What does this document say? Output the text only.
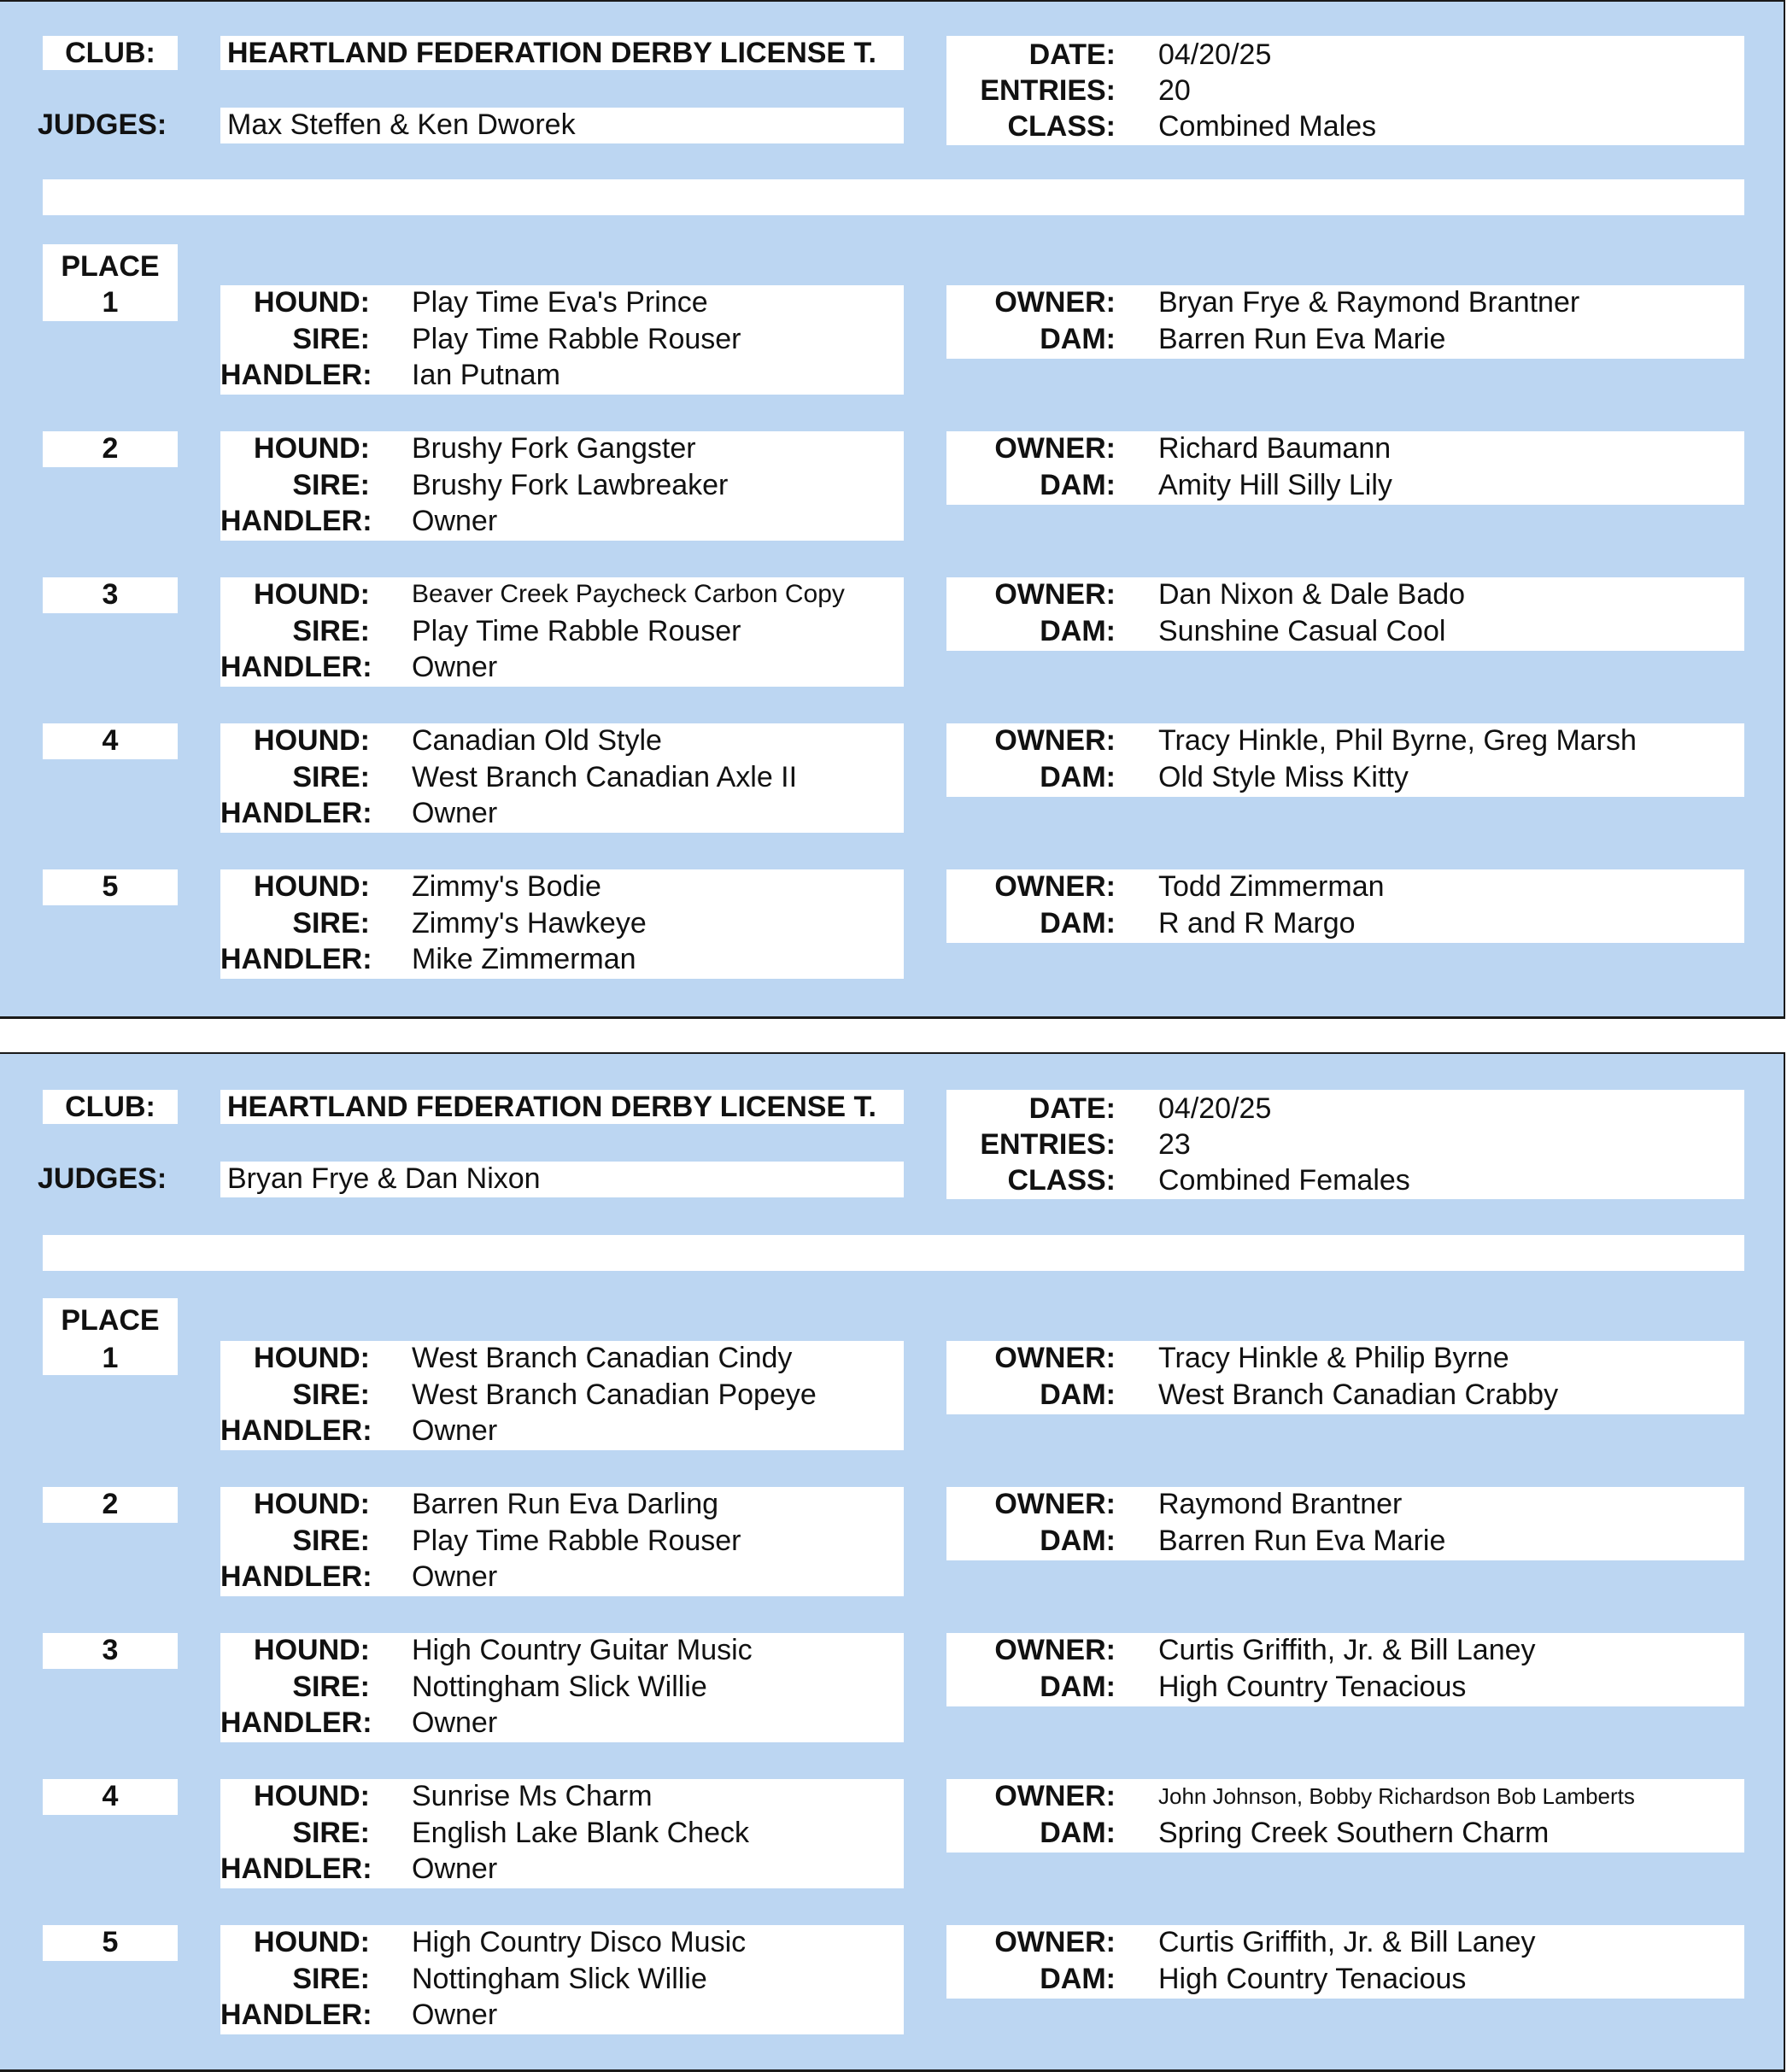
CLUB:	HEARTLAND FEDERATION DERBY LICENSE T.
JUDGES: Max Steffen & Ken Dworek
DATE: 04/20/25
ENTRIES: 20
CLASS: Combined Males
PLACE
1	HOUND: Play Time Eva's Prince
SIRE: Play Time Rabble Rouser
HANDLER: Ian Putnam
OWNER: Bryan Frye & Raymond Brantner
DAM: Barren Run Eva Marie
2	HOUND: Brushy Fork Gangster
SIRE: Brushy Fork Lawbreaker
HANDLER: Owner
OWNER: Richard Baumann
DAM: Amity Hill Silly Lily
3	HOUND: Beaver Creek Paycheck Carbon Copy
SIRE: Play Time Rabble Rouser
HANDLER: Owner
OWNER: Dan Nixon & Dale Bado
DAM: Sunshine Casual Cool
4	HOUND: Canadian Old Style
SIRE: West Branch Canadian Axle II
HANDLER: Owner
OWNER: Tracy Hinkle, Phil Byrne, Greg Marsh
DAM: Old Style Miss Kitty
5	HOUND: Zimmy's Bodie
SIRE: Zimmy's Hawkeye
HANDLER: Mike Zimmerman
OWNER: Todd Zimmerman
DAM: R and R Margo
CLUB:	HEARTLAND FEDERATION DERBY LICENSE T.
JUDGES: Bryan Frye & Dan Nixon
DATE: 04/20/25
ENTRIES: 23
CLASS: Combined Females
PLACE
1	HOUND: West Branch Canadian Cindy
SIRE: West Branch Canadian Popeye
HANDLER: Owner
OWNER: Tracy Hinkle & Philip Byrne
DAM: West Branch Canadian Crabby
2	HOUND: Barren Run Eva Darling
SIRE: Play Time Rabble Rouser
HANDLER: Owner
OWNER: Raymond Brantner
DAM: Barren Run Eva Marie
3	HOUND: High Country Guitar Music
SIRE: Nottingham Slick Willie
HANDLER: Owner
OWNER: Curtis Griffith, Jr. & Bill Laney
DAM: High Country Tenacious
4	HOUND: Sunrise Ms Charm
SIRE: English Lake Blank Check
HANDLER: Owner
OWNER: John Johnson, Bobby Richardson Bob Lamberts
DAM: Spring Creek Southern Charm
5	HOUND: High Country Disco Music
SIRE: Nottingham Slick Willie
HANDLER: Owner
OWNER: Curtis Griffith, Jr. & Bill Laney
DAM: High Country Tenacious
